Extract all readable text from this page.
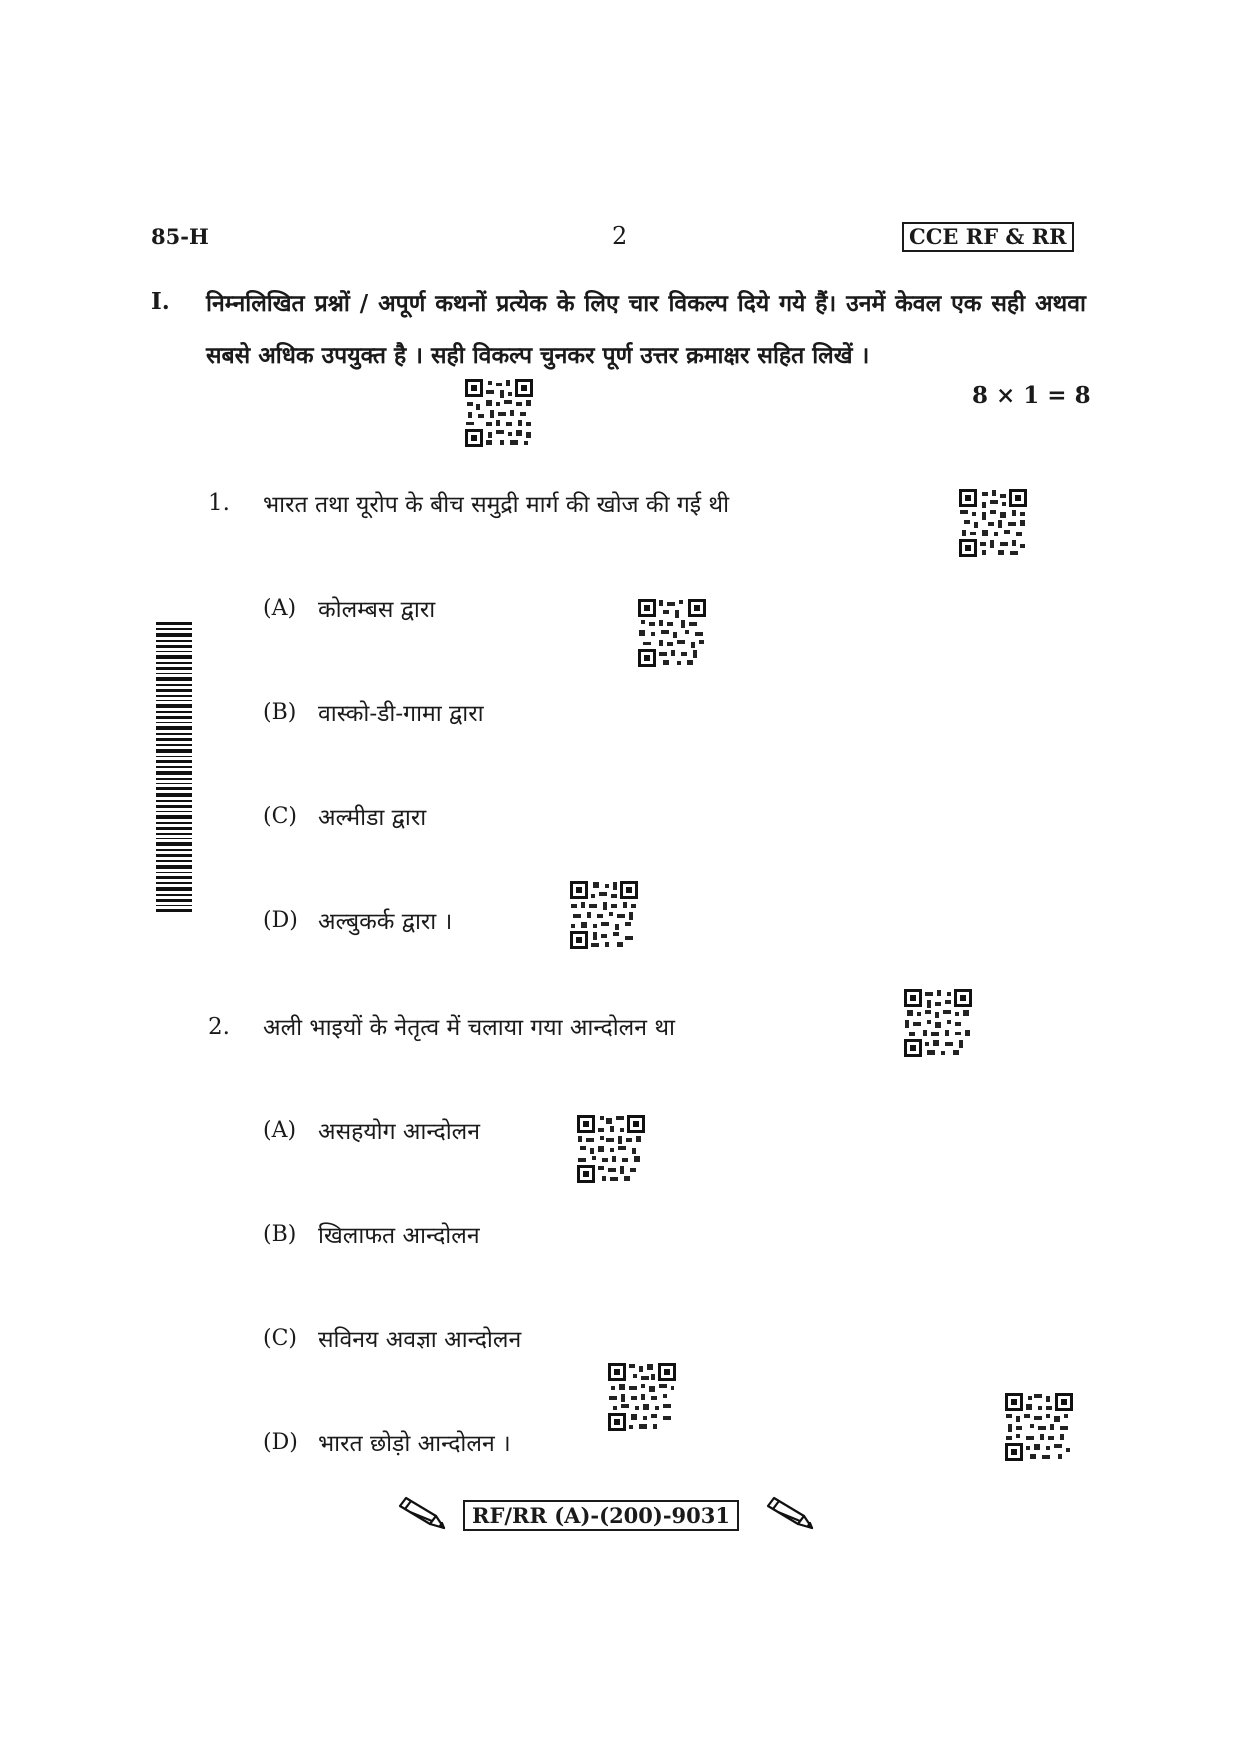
85-H	2	CCE RF & RR
I. निम्नलिखित प्रश्नों / अपूर्ण कथनों प्रत्येक के लिए चार विकल्प दिये गये हैं। उनमें केवल एक सही अथवा सबसे अधिक उपयुक्त है । सही विकल्प चुनकर पूर्ण उत्तर क्रमाक्षर सहित लिखें ।
8 × 1 = 8
1. भारत तथा यूरोप के बीच समुद्री मार्ग की खोज की गई थी
(A) कोलम्बस द्वारा
(B) वास्को-डी-गामा द्वारा
(C) अल्मीडा द्वारा
(D) अल्बुकर्क द्वारा ।
2. अली भाइयों के नेतृत्व में चलाया गया आन्दोलन था
(A) असहयोग आन्दोलन
(B) खिलाफत आन्दोलन
(C) सविनय अवज्ञा आन्दोलन
(D) भारत छोड़ो आन्दोलन ।
RF/RR (A)-(200)-9031
